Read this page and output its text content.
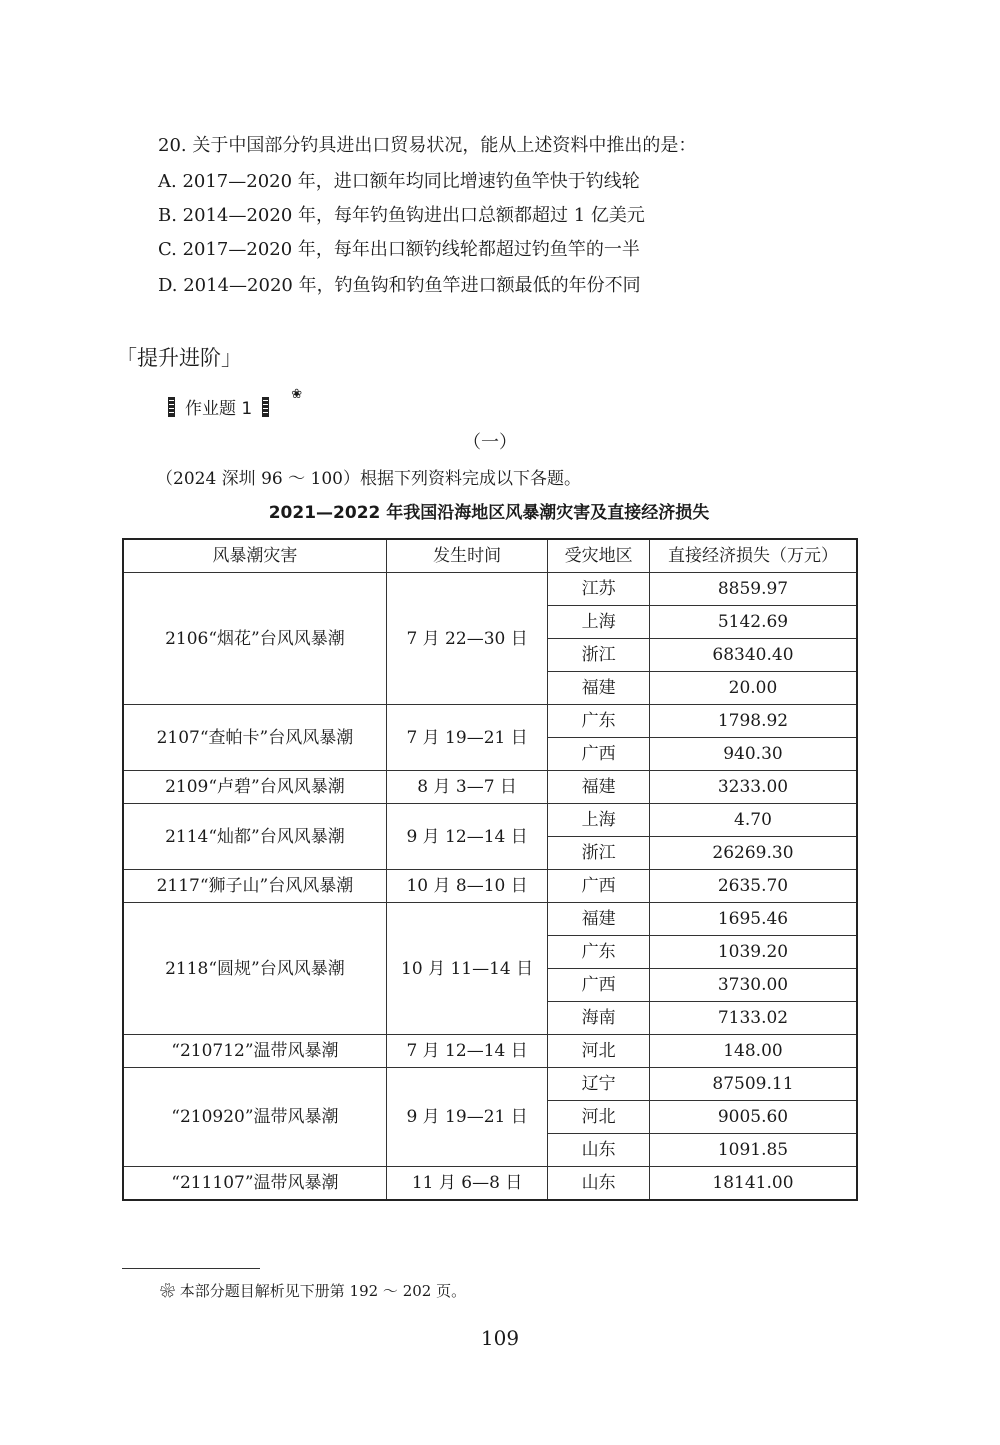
20. 关于中国部分钓具进出口贸易状况，能从上述资料中推出的是：
A. 2017—2020 年，进口额年均同比增速钓鱼竿快于钓线轮
B. 2014—2020 年，每年钓鱼钩进出口总额都超过 1 亿美元
C. 2017—2020 年，每年出口额钓线轮都超过钓鱼竿的一半
D. 2014—2020 年，钓鱼钩和钓鱼竿进口额最低的年份不同
「提升进阶」
作业题 1
❀
（一）
（2024 深圳 96 ～ 100）根据下列资料完成以下各题。
2021—2022 年我国沿海地区风暴潮灾害及直接经济损失
风暴潮灾害	发生时间	受灾地区	直接经济损失（万元）
2106“烟花”台风风暴潮	7 月 22—30 日	江苏	8859.97
		上海	5142.69
		浙江	68340.40
		福建	20.00
2107“查帕卡”台风风暴潮	7 月 19—21 日	广东	1798.92
		广西	940.30
2109“卢碧”台风风暴潮	8 月 3—7 日	福建	3233.00
2114“灿都”台风风暴潮	9 月 12—14 日	上海	4.70
		浙江	26269.30
2117“狮子山”台风风暴潮	10 月 8—10 日	广西	2635.70
2118“圆规”台风风暴潮	10 月 11—14 日	福建	1695.46
		广东	1039.20
		广西	3730.00
		海南	7133.02
“210712”温带风暴潮	7 月 12—14 日	河北	148.00
“210920”温带风暴潮	9 月 19—21 日	辽宁	87509.11
		河北	9005.60
		山东	1091.85
“211107”温带风暴潮	11 月 6—8 日	山东	18141.00
❀ 本部分题目解析见下册第 192 ～ 202 页。
109
